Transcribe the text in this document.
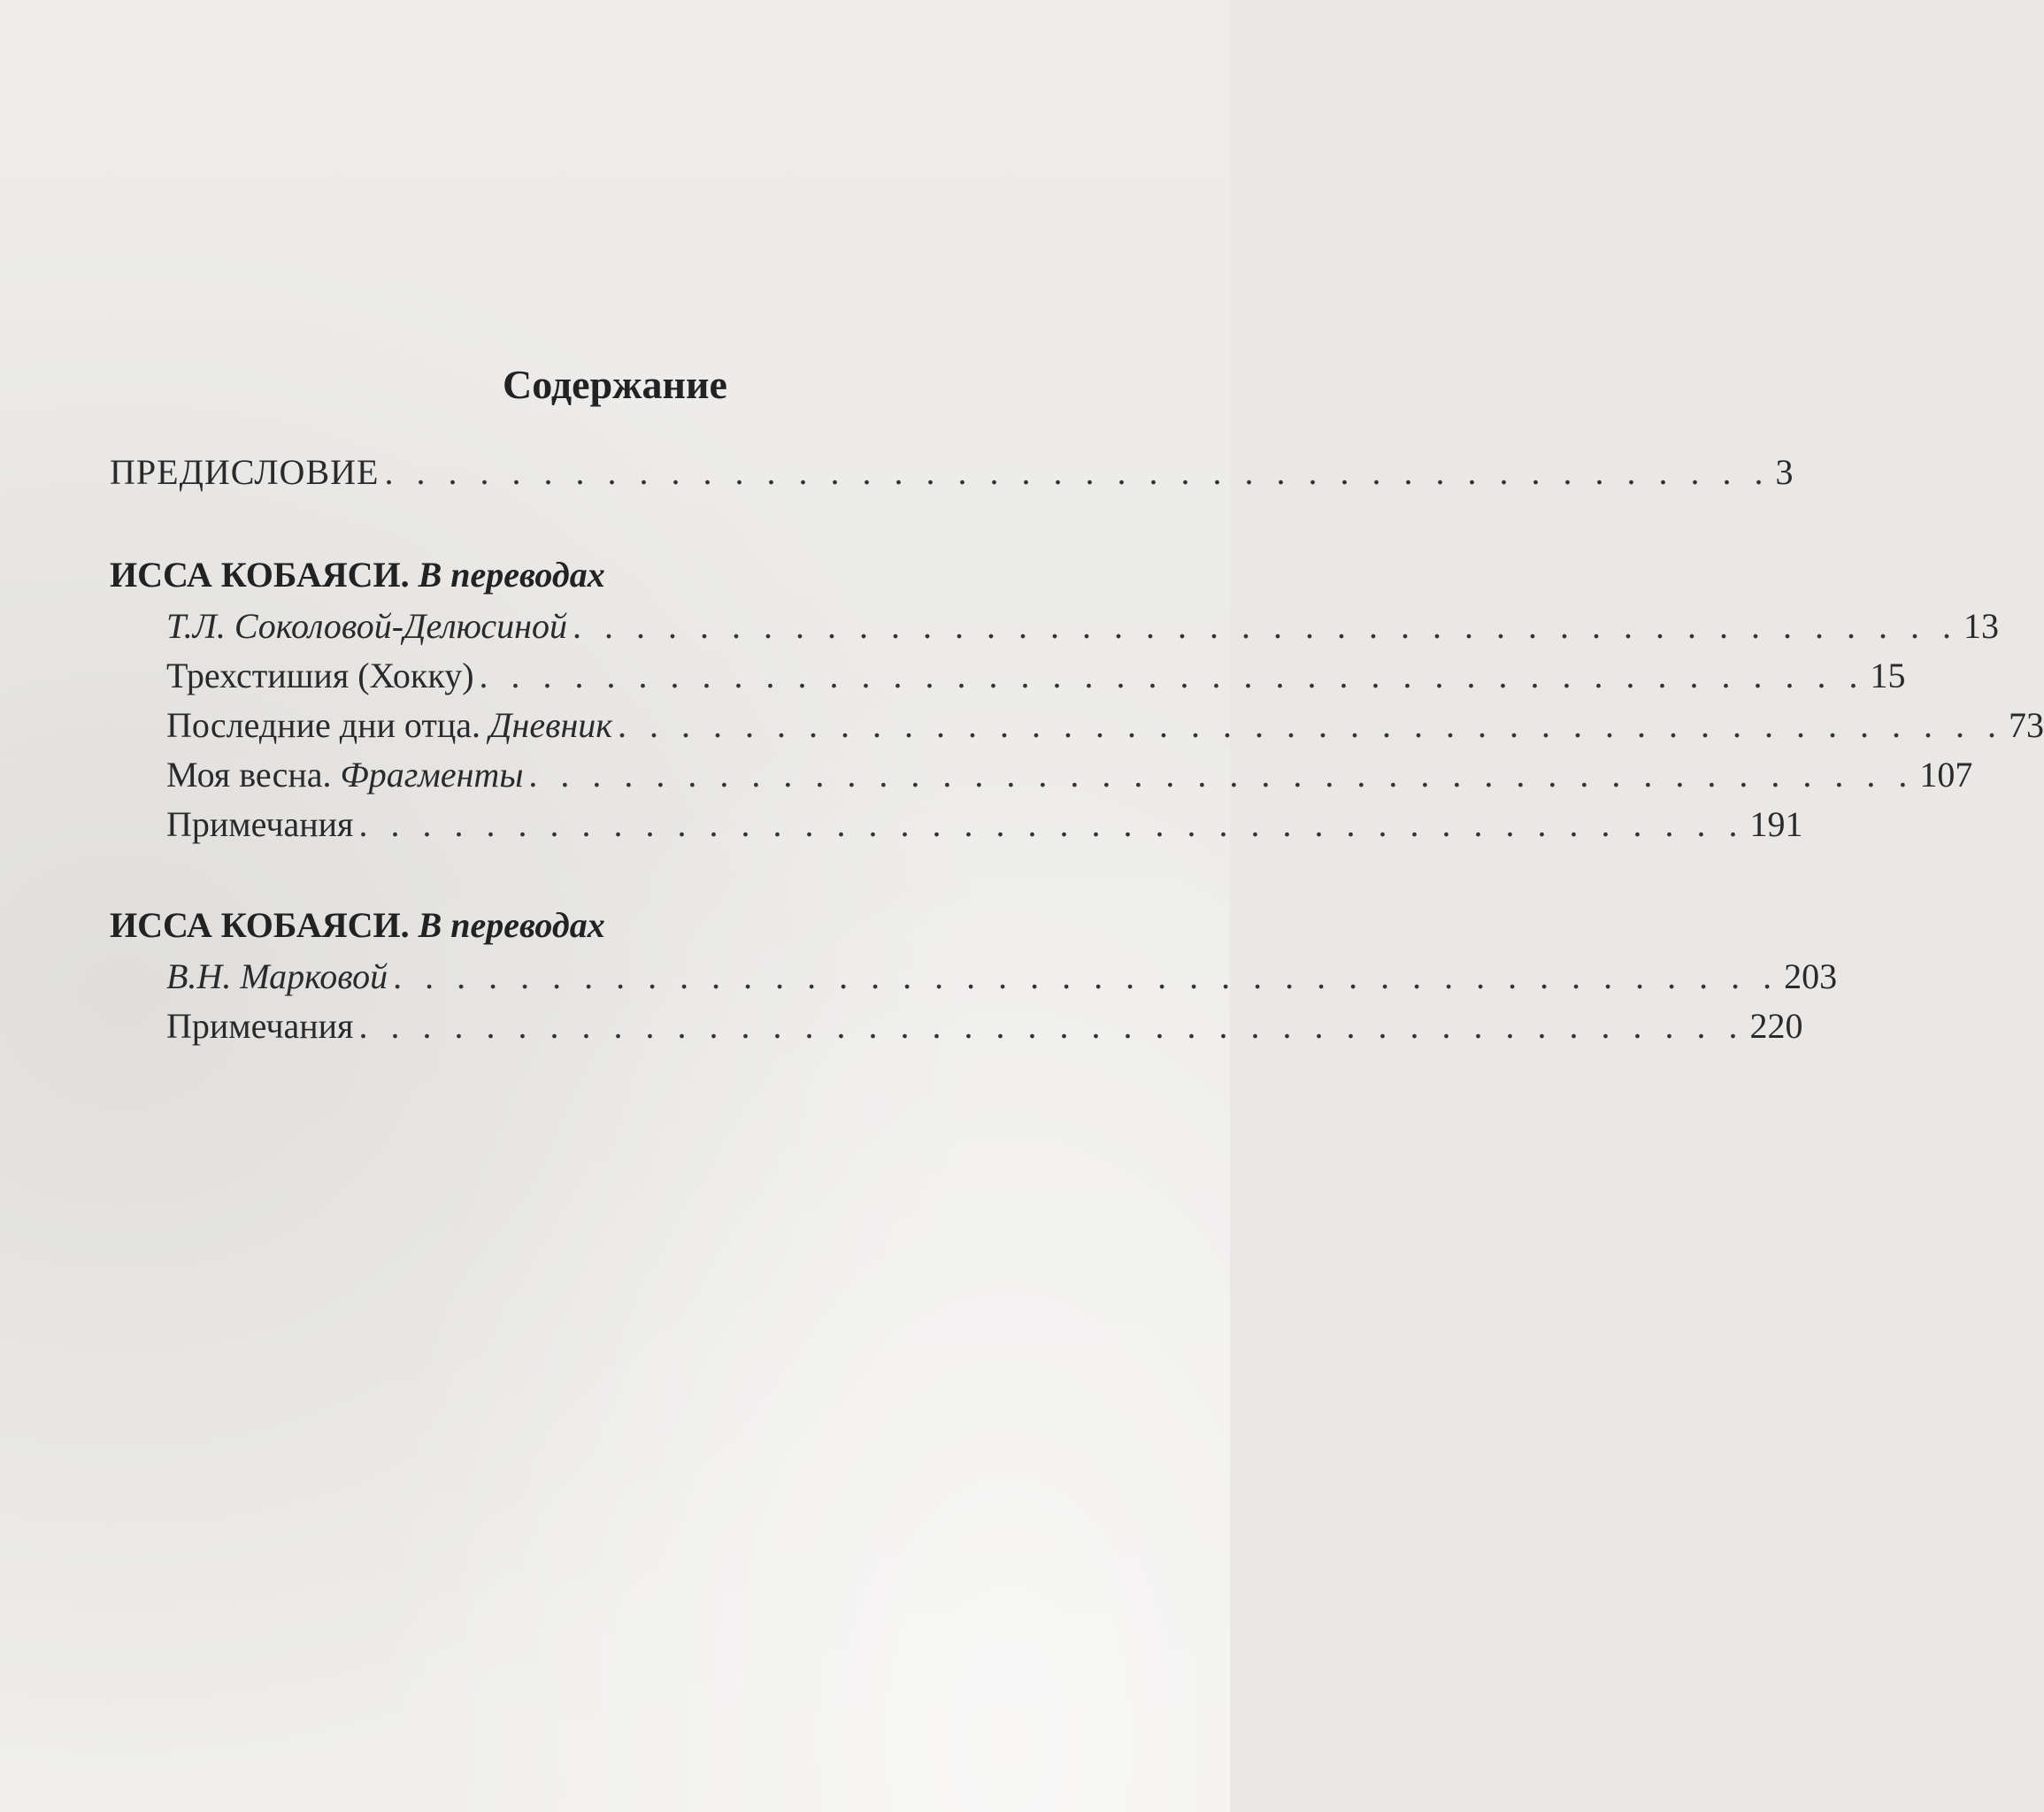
Содержание
ПРЕДИСЛОВИЕ . . . . . . . . . . . . . . . . . . . . . . . . . . . . . . . . . . . . . . . . . . . . 3
ИССА КОБАЯСИ. В переводах
Т.Л. Соколовой-Делюсиной . . . . . . . . . . . . . . . . . . . . . . . . . . . . . . . . . . . . . . . . . . . . 13
Трехстишия (Хокку) . . . . . . . . . . . . . . . . . . . . . . . . . . . . . . . . . . . . . . . . . . . . 15
Последние дни отца. Дневник . . . . . . . . . . . . . . . . . . . . . . . . . . . . . . . . . . . . . . . . . . . . 73
Моя весна. Фрагменты . . . . . . . . . . . . . . . . . . . . . . . . . . . . . . . . . . . . . . . . . . . . 107
Примечания . . . . . . . . . . . . . . . . . . . . . . . . . . . . . . . . . . . . . . . . . . . . 191
ИССА КОБАЯСИ. В переводах
В.Н. Марковой . . . . . . . . . . . . . . . . . . . . . . . . . . . . . . . . . . . . . . . . . . . . 203
Примечания . . . . . . . . . . . . . . . . . . . . . . . . . . . . . . . . . . . . . . . . . . . . 220
